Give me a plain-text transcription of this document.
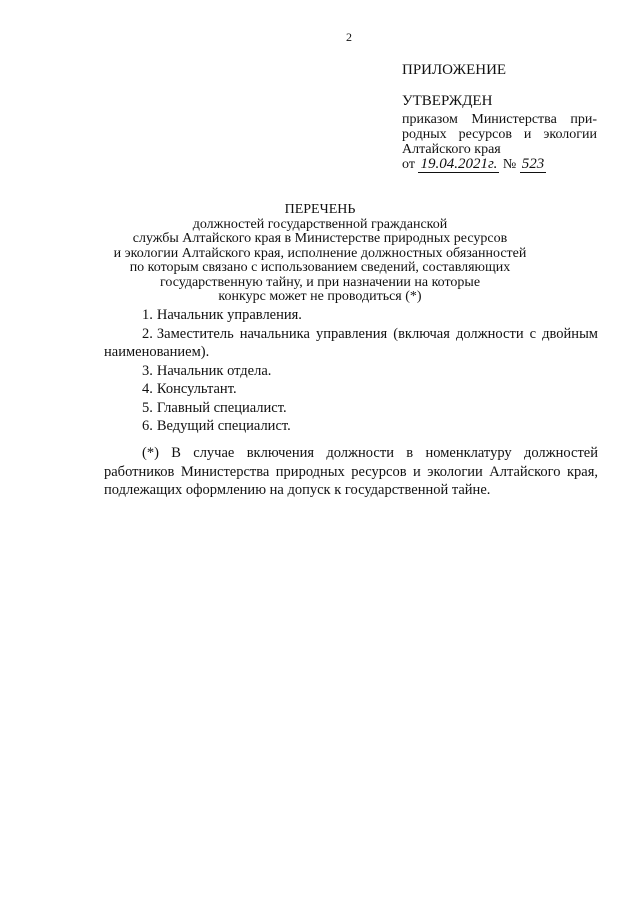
2
ПРИЛОЖЕНИЕ
УТВЕРЖДЕН
приказом Министерства при-
родных ресурсов и экологии
Алтайского края
от 19.04.2021г. № 523
ПЕРЕЧЕНЬ
должностей государственной гражданской
службы Алтайского края в Министерстве природных ресурсов
и экологии Алтайского края, исполнение должностных обязанностей
по которым связано с использованием сведений, составляющих
государственную тайну, и при назначении на которые
конкурс может не проводиться (*)
1. Начальник управления.
2. Заместитель начальника управления (включая должности с двойным наименованием).
3. Начальник отдела.
4. Консультант.
5. Главный специалист.
6. Ведущий специалист.
(*) В случае включения должности в номенклатуру должностей работников Министерства природных ресурсов и экологии Алтайского края, подлежащих оформлению на допуск к государственной тайне.
